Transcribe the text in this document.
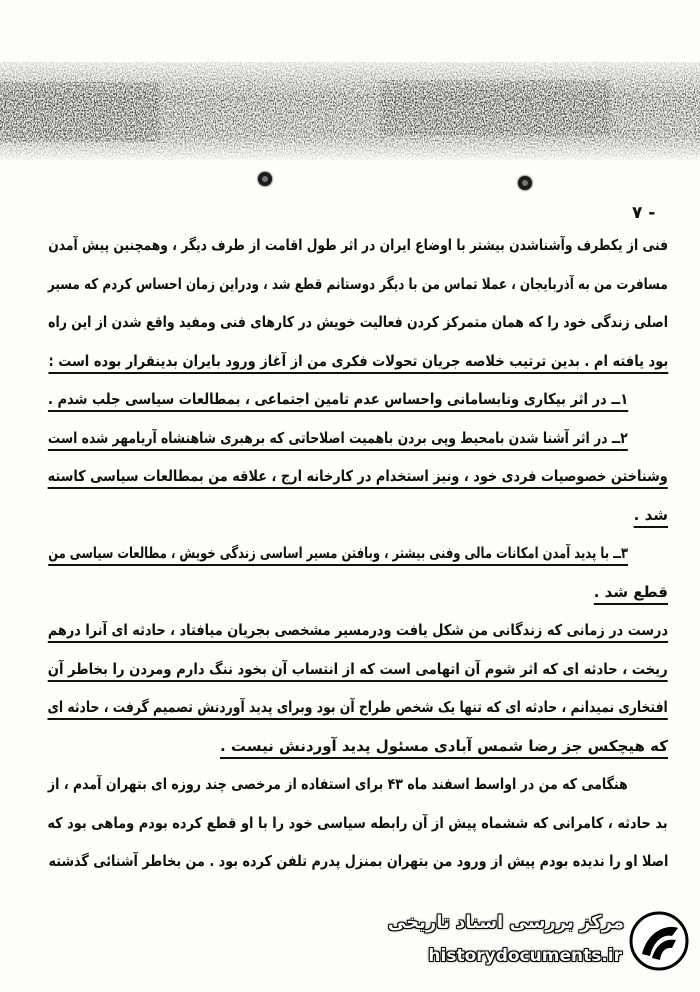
۷ -
فنی از یکطرف وآشناشدن بیشتر با اوضاع ایران در اثر طول اقامت از طرف دیگر ، وهمچنین پیش آمدن
مسافرت من به آذربایجان ، عملا تماس من با دیگر دوستانم قطع شد ، ودراین زمان احساس کردم که مسیر
اصلی زندگی خود را که همان متمرکز کردن فعالیت خویش در کارهای فنی ومفید واقع شدن از این راه
بود یافته ام . بدین ترتیب خلاصه جریان تحولات فکری من از آغاز ورود بایران بدینقرار بوده است :
۱ــ در اثر بیکاری ونابسامانی واحساس عدم تامین اجتماعی ، بمطالعات سیاسی جلب شدم .
۲ــ در اثر آشنا شدن بامحیط وپی بردن باهمیت اصلاحاتی که برهبری شاهنشاه آریامهر شده است
وشناختن خصوصیات فردی خود ، ونیز استخدام در کارخانه ارج ، علاقه من بمطالعات سیاسی کاسته
شد .
۳ــ با پدید آمدن امکانات مالی وفنی بیشتر ، وبافتن مسیر اساسی زندگی خویش ، مطالعات سیاسی من
قطع شد .
درست در زمانی که زندگانی من شکل یافت ودرمسیر مشخصی بجریان میافتاد ، حادثه ای آنرا درهم
ریخت ، حادثه ای که اثر شوم آن اتهامی است که از انتساب آن بخود ننگ دارم ومردن را بخاطر آن
افتخاری نمیدانم ، حادثه ای که تنها یک شخص طراح آن بود وبرای پدید آوردنش تصمیم گرفت ، حادثه ای
که هیچکس جز رضا شمس آبادی مسئول پدید آوردنش نیست .
هنگامی که من در اواسط اسفند ماه ۴۳ برای استفاده از مرخصی چند روزه ای بتهران آمدم ، از
بد حادثه ، کامرانی که ششماه پیش از آن رابطه سیاسی خود را با او قطع کرده بودم وماهی بود که
اصلا او را ندیده بودم پیش از ورود من بتهران بمنزل پدرم تلفن کرده بود . من بخاطر آشنائی گذشته
مرکز بررسی اسناد تاریخی
historydocuments.ir
